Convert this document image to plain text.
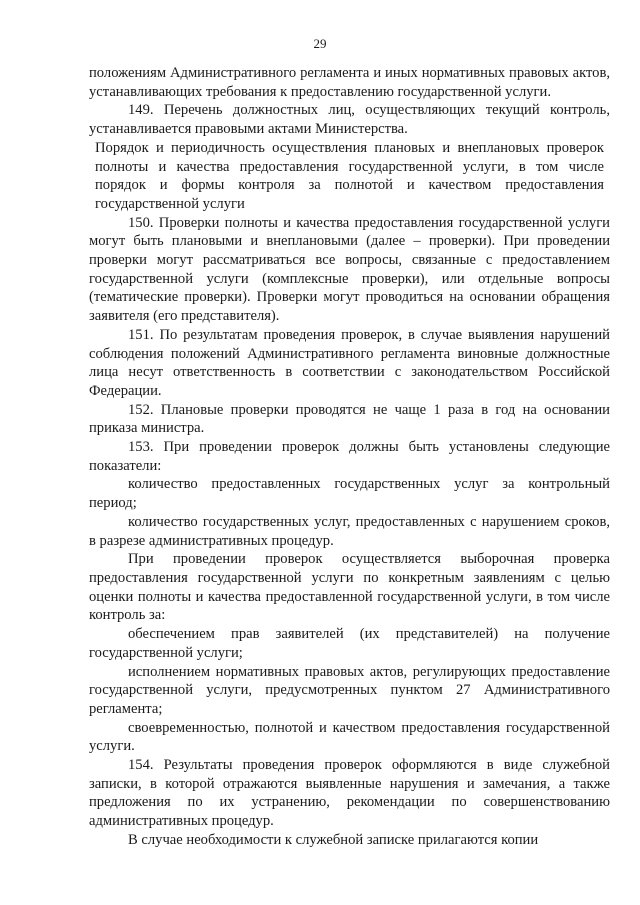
29

положениям Административного регламента и иных нормативных правовых актов, устанавливающих требования к предоставлению государственной услуги.

149. Перечень должностных лиц, осуществляющих текущий контроль, устанавливается правовыми актами Министерства.

Порядок и периодичность осуществления плановых и внеплановых проверок полноты и качества предоставления государственной услуги, в том числе порядок и формы контроля за полнотой и качеством предоставления государственной услуги

150. Проверки полноты и качества предоставления государственной услуги могут быть плановыми и внеплановыми (далее – проверки). При проведении проверки могут рассматриваться все вопросы, связанные с предоставлением государственной услуги (комплексные проверки), или отдельные вопросы (тематические проверки). Проверки могут проводиться на основании обращения заявителя (его представителя).

151. По результатам проведения проверок, в случае выявления нарушений соблюдения положений Административного регламента виновные должностные лица несут ответственность в соответствии с законодательством Российской Федерации.

152. Плановые проверки проводятся не чаще 1 раза в год на основании приказа министра.

153. При проведении проверок должны быть установлены следующие показатели:

количество предоставленных государственных услуг за контрольный период;

количество государственных услуг, предоставленных с нарушением сроков, в разрезе административных процедур.

При проведении проверок осуществляется выборочная проверка предоставления государственной услуги по конкретным заявлениям с целью оценки полноты и качества предоставленной государственной услуги, в том числе контроль за:

обеспечением прав заявителей (их представителей) на получение государственной услуги;

исполнением нормативных правовых актов, регулирующих предоставление государственной услуги, предусмотренных пунктом 27 Административного регламента;

своевременностью, полнотой и качеством предоставления государственной услуги.

154. Результаты проведения проверок оформляются в виде служебной записки, в которой отражаются выявленные нарушения и замечания, а также предложения по их устранению, рекомендации по совершенствованию административных процедур.

В случае необходимости к служебной записке прилагаются копии
